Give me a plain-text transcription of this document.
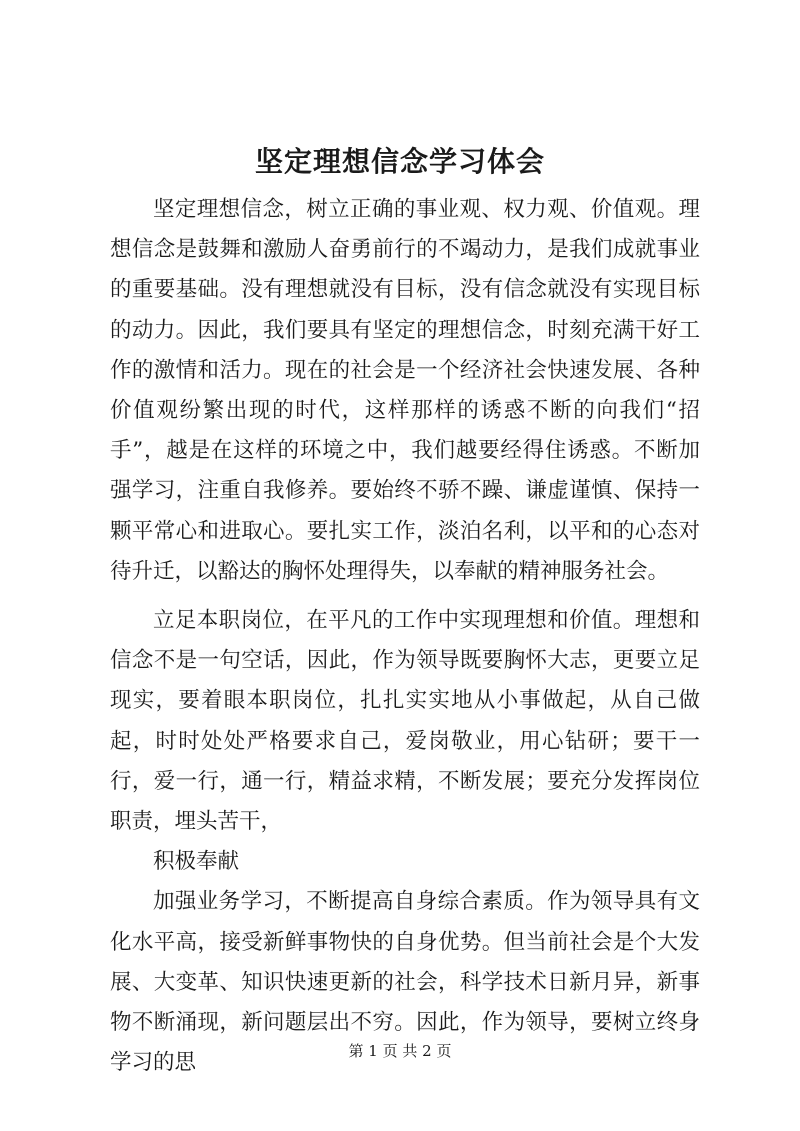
坚定理想信念学习体会

坚定理想信念，树立正确的事业观、权力观、价值观。理想信念是鼓舞和激励人奋勇前行的不竭动力，是我们成就事业的重要基础。没有理想就没有目标，没有信念就没有实现目标的动力。因此，我们要具有坚定的理想信念，时刻充满干好工作的激情和活力。现在的社会是一个经济社会快速发展、各种价值观纷繁出现的时代，这样那样的诱惑不断的向我们“招手”，越是在这样的环境之中，我们越要经得住诱惑。不断加强学习，注重自我修养。要始终不骄不躁、谦虚谨慎、保持一颗平常心和进取心。要扎实工作，淡泊名利，以平和的心态对待升迁，以豁达的胸怀处理得失，以奉献的精神服务社会。

立足本职岗位，在平凡的工作中实现理想和价值。理想和信念不是一句空话，因此，作为领导既要胸怀大志，更要立足现实，要着眼本职岗位，扎扎实实地从小事做起，从自己做起，时时处处严格要求自己，爱岗敬业，用心钻研；要干一行，爱一行，通一行，精益求精，不断发展；要充分发挥岗位职责，埋头苦干，

积极奉献

加强业务学习，不断提高自身综合素质。作为领导具有文化水平高，接受新鲜事物快的自身优势。但当前社会是个大发展、大变革、知识快速更新的社会，科学技术日新月异，新事物不断涌现，新问题层出不穷。因此，作为领导，要树立终身学习的思	第 1 页 共 2 页
